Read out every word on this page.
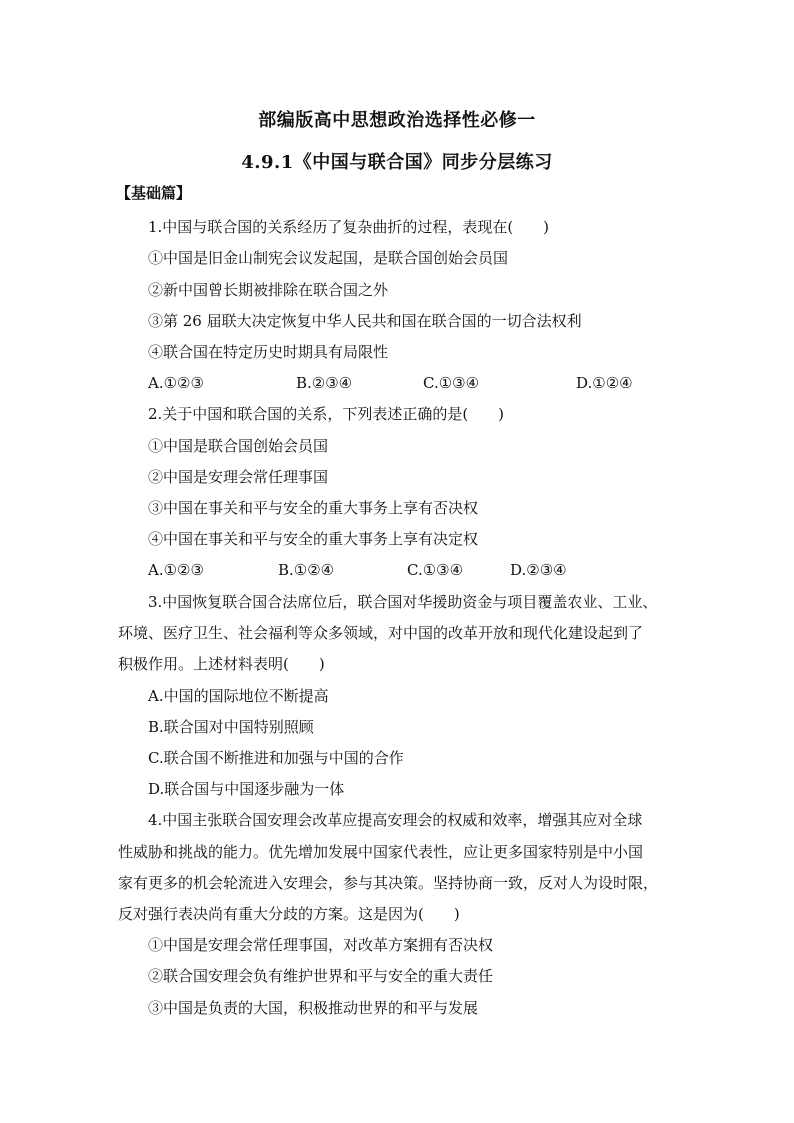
部编版高中思想政治选择性必修一
4.9.1《中国与联合国》同步分层练习
【基础篇】
1.中国与联合国的关系经历了复杂曲折的过程，表现在(　　)
①中国是旧金山制宪会议发起国，是联合国创始会员国
②新中国曾长期被排除在联合国之外
③第 26 届联大决定恢复中华人民共和国在联合国的一切合法权利
④联合国在特定历史时期具有局限性
A.①②③	B.②③④	C.①③④	D.①②④
2.关于中国和联合国的关系，下列表述正确的是(　　)
①中国是联合国创始会员国
②中国是安理会常任理事国
③中国在事关和平与安全的重大事务上享有否决权
④中国在事关和平与安全的重大事务上享有决定权
A.①②③	B.①②④	C.①③④	D.②③④
3.中国恢复联合国合法席位后，联合国对华援助资金与项目覆盖农业、工业、
环境、医疗卫生、社会福利等众多领域，对中国的改革开放和现代化建设起到了
积极作用。上述材料表明(　　)
A.中国的国际地位不断提高
B.联合国对中国特别照顾
C.联合国不断推进和加强与中国的合作
D.联合国与中国逐步融为一体
4.中国主张联合国安理会改革应提高安理会的权威和效率，增强其应对全球
性威胁和挑战的能力。优先增加发展中国家代表性，应让更多国家特别是中小国
家有更多的机会轮流进入安理会，参与其决策。坚持协商一致，反对人为设时限，
反对强行表决尚有重大分歧的方案。这是因为(　　)
①中国是安理会常任理事国，对改革方案拥有否决权
②联合国安理会负有维护世界和平与安全的重大责任
③中国是负责的大国，积极推动世界的和平与发展
